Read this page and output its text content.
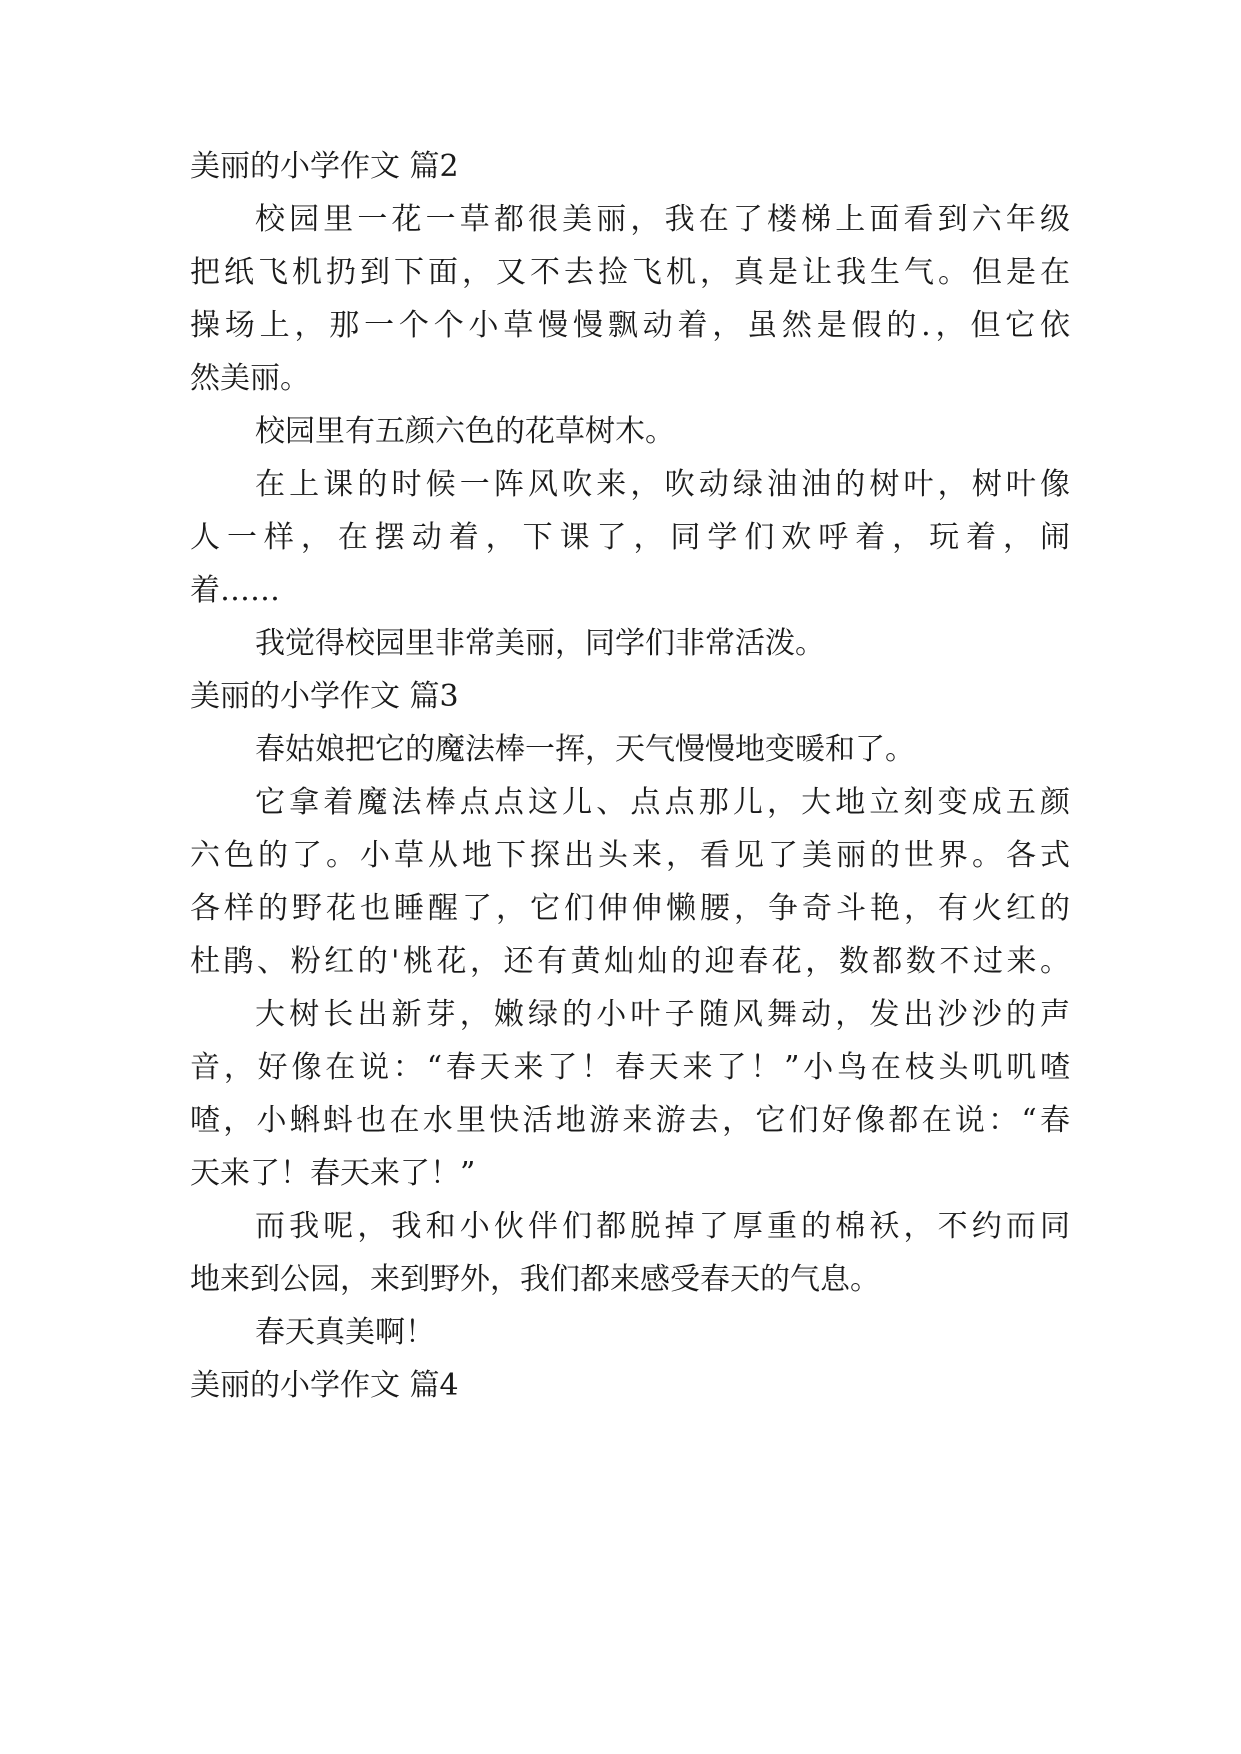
美丽的小学作文 篇2
校园里一花一草都很美丽，我在了楼梯上面看到六年级
把纸飞机扔到下面，又不去捡飞机，真是让我生气。但是在
操场上，那一个个小草慢慢飘动着，虽然是假的.，但它依
然美丽。
校园里有五颜六色的花草树木。
在上课的时候一阵风吹来，吹动绿油油的树叶，树叶像
人一样，在摆动着，下课了，同学们欢呼着，玩着，闹
着……
我觉得校园里非常美丽，同学们非常活泼。
美丽的小学作文 篇3
春姑娘把它的魔法棒一挥，天气慢慢地变暖和了。
它拿着魔法棒点点这儿、点点那儿，大地立刻变成五颜
六色的了。小草从地下探出头来，看见了美丽的世界。各式
各样的野花也睡醒了，它们伸伸懒腰，争奇斗艳，有火红的
杜鹃、粉红的'桃花，还有黄灿灿的迎春花，数都数不过来。
大树长出新芽，嫩绿的小叶子随风舞动，发出沙沙的声
音，好像在说：“春天来了！春天来了！”小鸟在枝头叽叽喳
喳，小蝌蚪也在水里快活地游来游去，它们好像都在说：“春
天来了！春天来了！”
而我呢，我和小伙伴们都脱掉了厚重的棉袄，不约而同
地来到公园，来到野外，我们都来感受春天的气息。
春天真美啊！
美丽的小学作文 篇4
